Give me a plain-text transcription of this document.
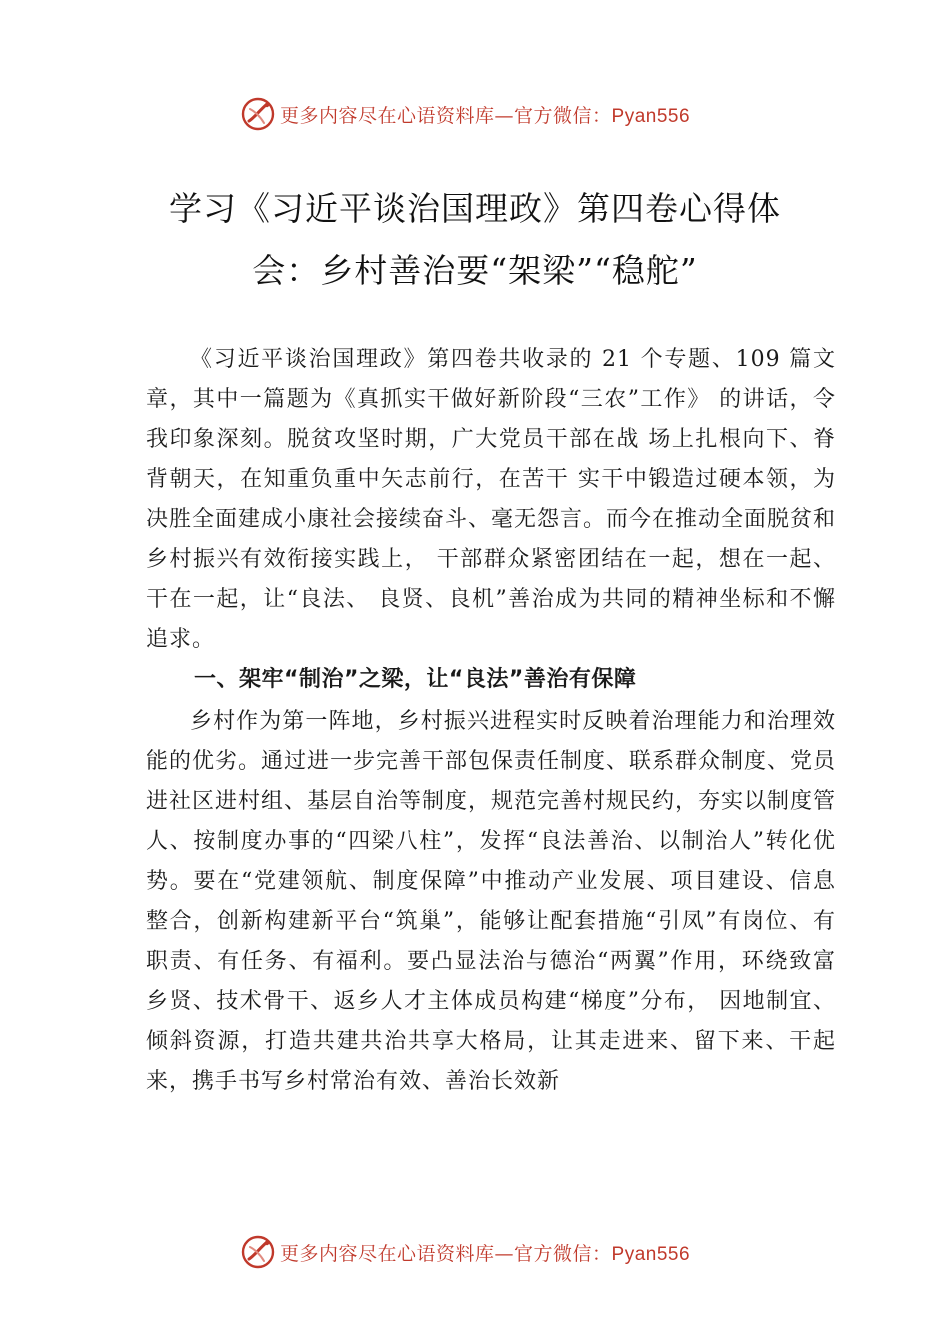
更多内容尽在心语资料库—官方微信：Pyan556
学习《习近平谈治国理政》第四卷心得体
会：乡村善治要“架梁”“稳舵”

《习近平谈治国理政》第四卷共收录的 21 个专题、109 篇文章，其中一篇题为《真抓实干做好新阶段“三农”工作》 的讲话，令我印象深刻。脱贫攻坚时期，广大党员干部在战 场上扎根向下、脊背朝天，在知重负重中矢志前行，在苦干 实干中锻造过硬本领，为决胜全面建成小康社会接续奋斗、毫无怨言。而今在推动全面脱贫和乡村振兴有效衔接实践上， 干部群众紧密团结在一起，想在一起、干在一起，让“良法、 良贤、良机”善治成为共同的精神坐标和不懈追求。

一、架牢“制治”之梁，让“良法”善治有保障

乡村作为第一阵地，乡村振兴进程实时反映着治理能力和治理效能的优劣。通过进一步完善干部包保责任制度、联系群众制度、党员进社区进村组、基层自治等制度，规范完善村规民约，夯实以制度管人、按制度办事的“四梁八柱”，发挥“良法善治、以制治人”转化优势。要在“党建领航、制度保障”中推动产业发展、项目建设、信息整合，创新构建新平台“筑巢”，能够让配套措施“引凤”有岗位、有职责、有任务、有福利。要凸显法治与德治“两翼”作用，环绕致富乡贤、技术骨干、返乡人才主体成员构建“梯度”分布， 因地制宜、倾斜资源，打造共建共治共享大格局，让其走进来、留下来、干起来，携手书写乡村常治有效、善治长效新

更多内容尽在心语资料库—官方微信：Pyan556
